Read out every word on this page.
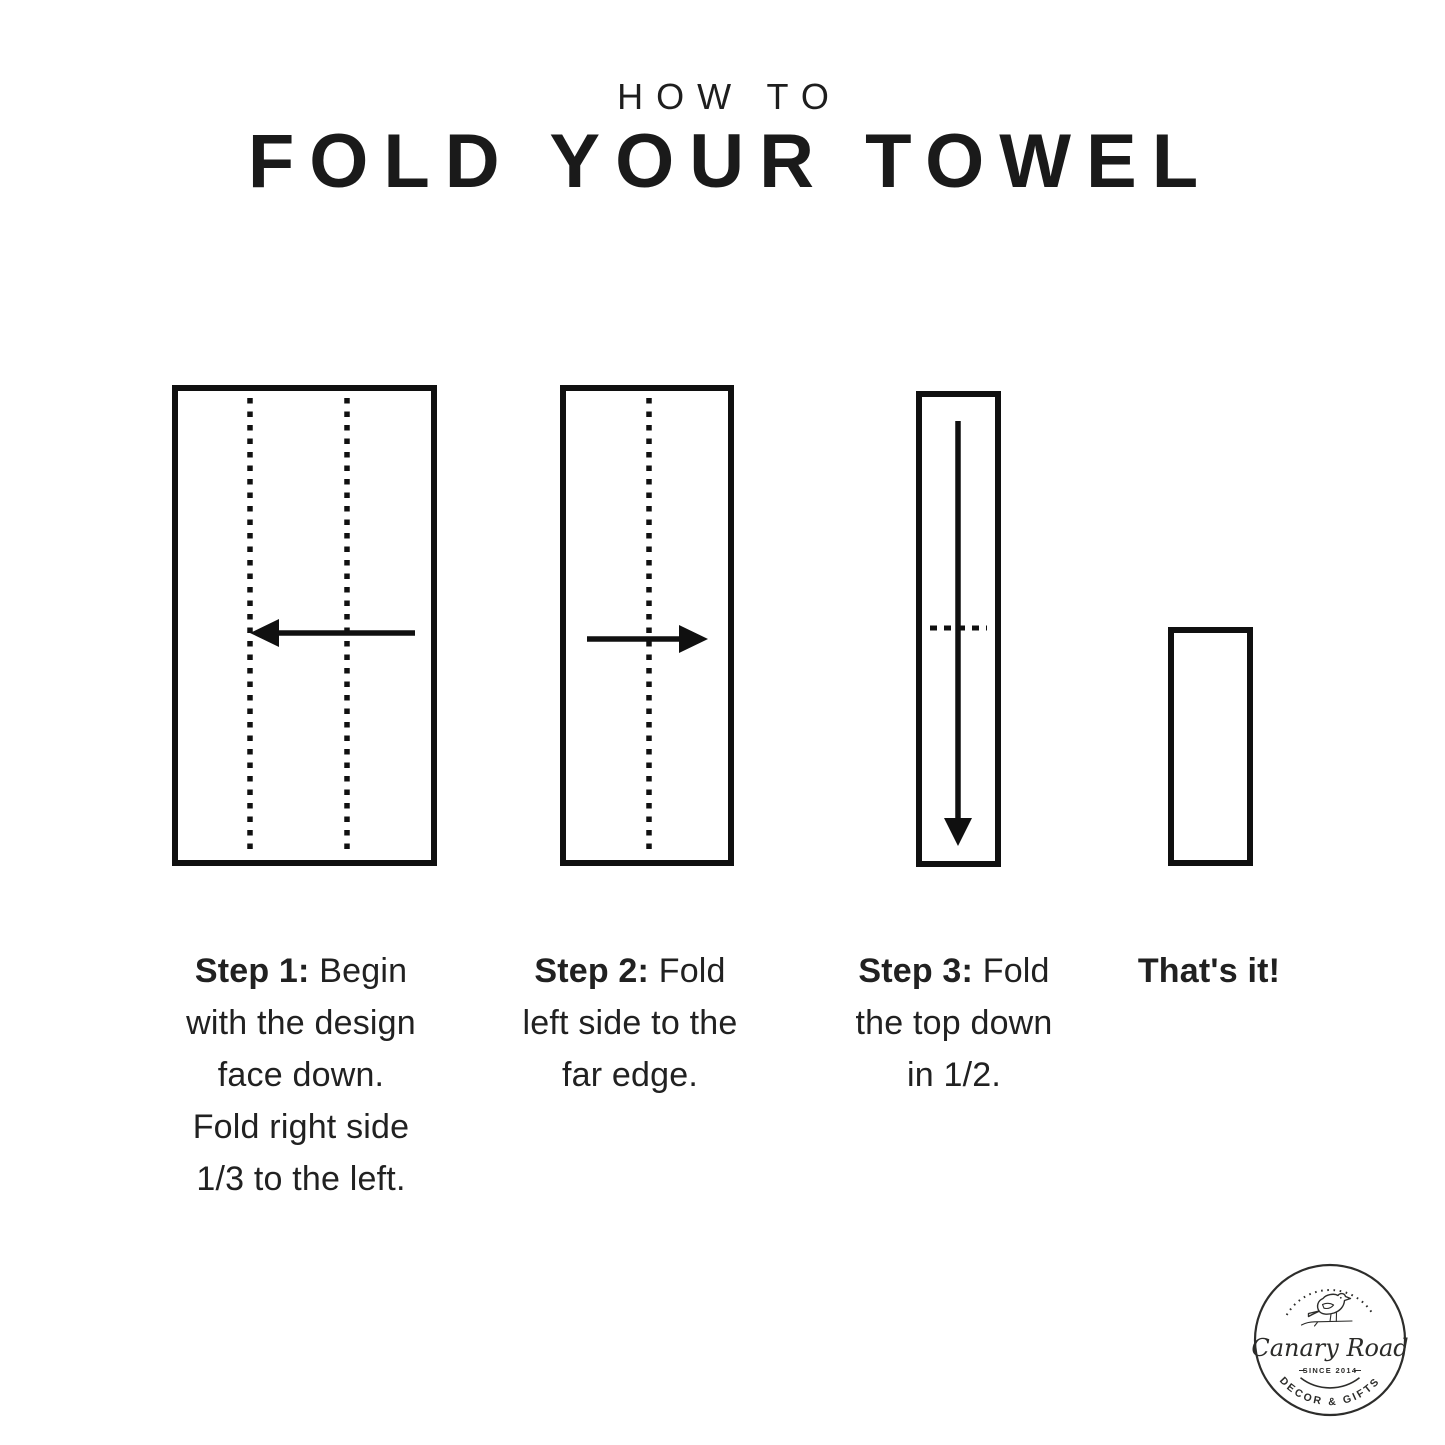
HOW TO
FOLD YOUR TOWEL
Step 1: Begin
with the design
face down.
Fold right side
1/3 to the left.
Step 2: Fold
left side to the
far edge.
Step 3: Fold
the top down
in 1/2.
That's it!
Canary Road
SINCE 2014
DECOR & GIFTS
